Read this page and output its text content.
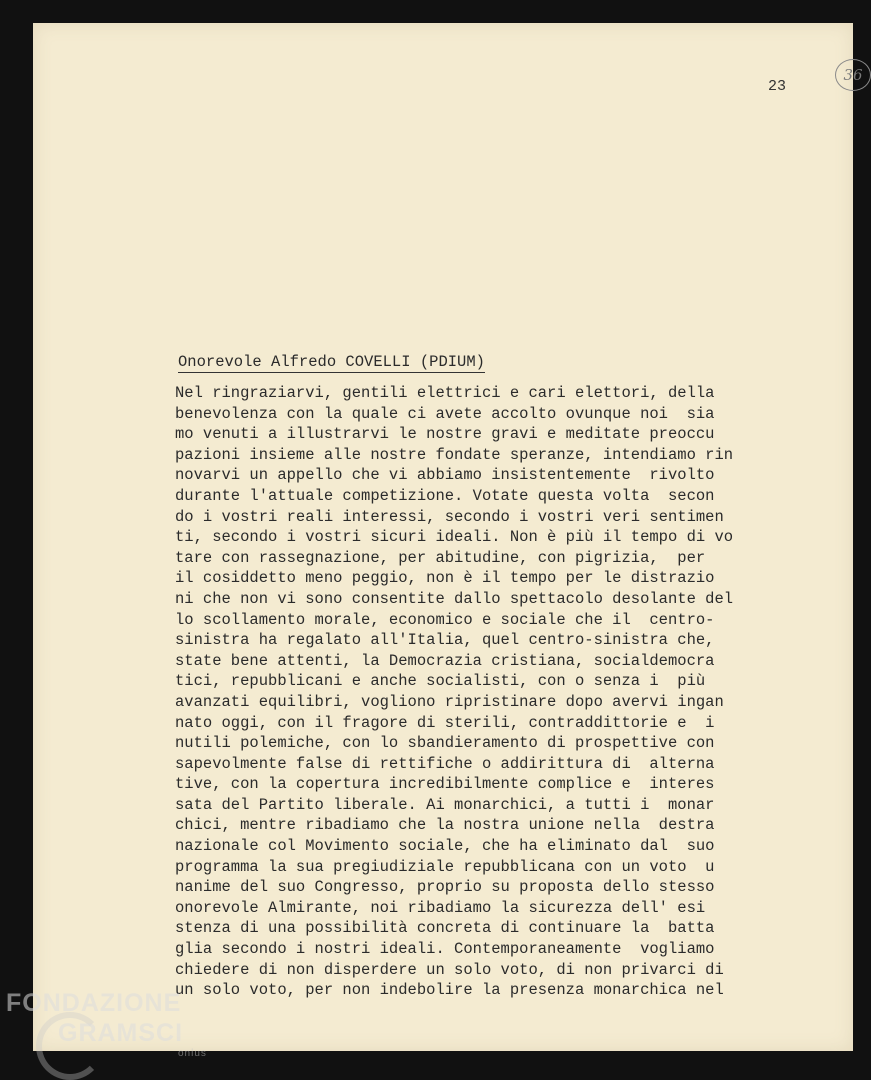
36
23
Onorevole Alfredo COVELLI (PDIUM)
Nel ringraziarvi, gentili elettrici e cari elettori, della
benevolenza con la quale ci avete accolto ovunque noi  sia
mo venuti a illustrarvi le nostre gravi e meditate preoccu
pazioni insieme alle nostre fondate speranze, intendiamo rin
novarvi un appello che vi abbiamo insistentemente  rivolto
durante l'attuale competizione. Votate questa volta  secon
do i vostri reali interessi, secondo i vostri veri sentimen
ti, secondo i vostri sicuri ideali. Non è più il tempo di vo
tare con rassegnazione, per abitudine, con pigrizia,  per
il cosiddetto meno peggio, non è il tempo per le distrazio
ni che non vi sono consentite dallo spettacolo desolante del
lo scollamento morale, economico e sociale che il  centro-
sinistra ha regalato all'Italia, quel centro-sinistra che,
state bene attenti, la Democrazia cristiana, socialdemocra
tici, repubblicani e anche socialisti, con o senza i  più
avanzati equilibri, vogliono ripristinare dopo avervi ingan
nato oggi, con il fragore di sterili, contraddittorie e  i
nutili polemiche, con lo sbandieramento di prospettive con
sapevolmente false di rettifiche o addirittura di  alterna
tive, con la copertura incredibilmente complice e  interes
sata del Partito liberale. Ai monarchici, a tutti i  monar
chici, mentre ribadiamo che la nostra unione nella  destra
nazionale col Movimento sociale, che ha eliminato dal  suo
programma la sua pregiudiziale repubblicana con un voto  u
nanime del suo Congresso, proprio su proposta dello stesso
onorevole Almirante, noi ribadiamo la sicurezza dell' esi
stenza di una possibilità concreta di continuare la  batta
glia secondo i nostri ideali. Contemporaneamente  vogliamo
chiedere di non disperdere un solo voto, di non privarci di
un solo voto, per non indebolire la presenza monarchica nel
FONDAZIONE
GRAMSCI
onlus
